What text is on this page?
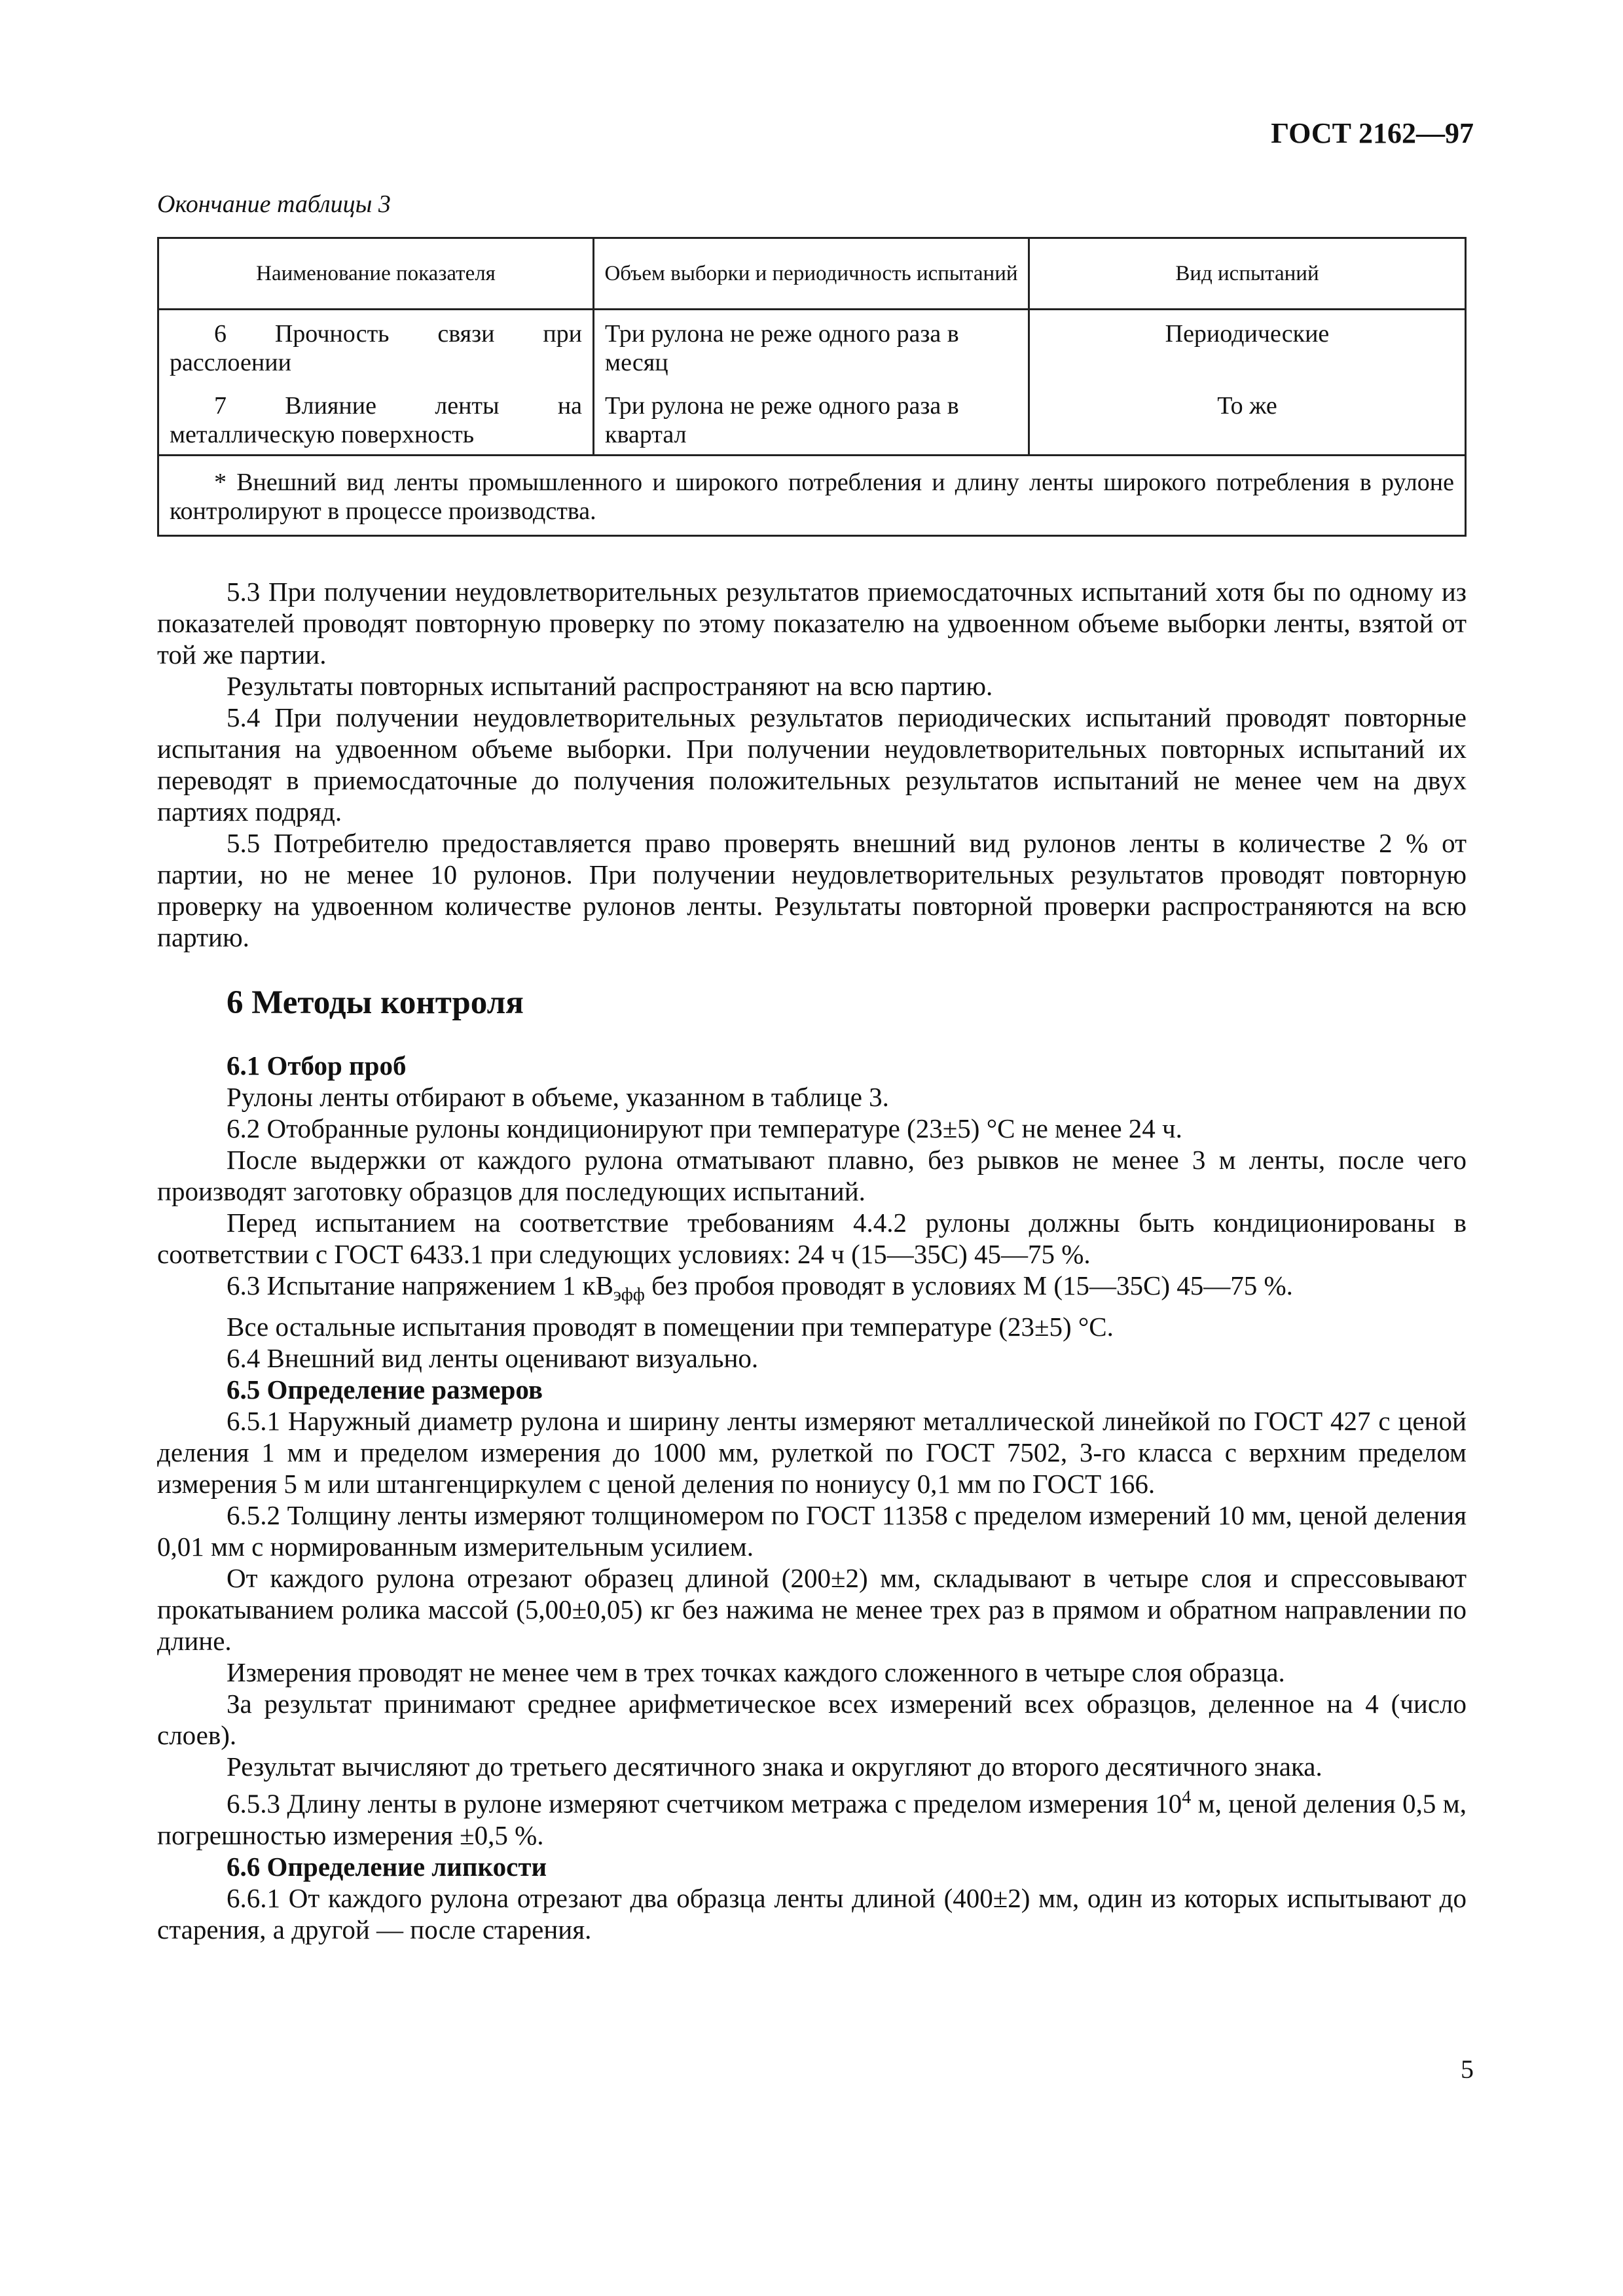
ГОСТ 2162—97
Окончание таблицы 3
Наименование показателя	Объем выборки и периодичность испытаний	Вид испытаний
6 Прочность связи при расслоении	Три рулона не реже одного раза в месяц	Периодические
7 Влияние ленты на металлическую поверхность	Три рулона не реже одного раза в квартал	То же
* Внешний вид ленты промышленного и широкого потребления и длину ленты широкого потребления в рулоне контролируют в процессе производства.		

5.3 При получении неудовлетворительных результатов приемосдаточных испытаний хотя бы по одному из показателей проводят повторную проверку по этому показателю на удвоенном объеме выборки ленты, взятой от той же партии.

Результаты повторных испытаний распространяют на всю партию.

5.4 При получении неудовлетворительных результатов периодических испытаний проводят повторные испытания на удвоенном объеме выборки. При получении неудовлетворительных повторных испытаний их переводят в приемосдаточные до получения положительных результатов испытаний не менее чем на двух партиях подряд.

5.5 Потребителю предоставляется право проверять внешний вид рулонов ленты в количестве 2 % от партии, но не менее 10 рулонов. При получении неудовлетворительных результатов проводят повторную проверку на удвоенном количестве рулонов ленты. Результаты повторной проверки распространяются на всю партию.

6 Методы контроля
6.1 Отбор проб

Рулоны ленты отбирают в объеме, указанном в таблице 3.

6.2 Отобранные рулоны кондиционируют при температуре (23±5) °С не менее 24 ч.

После выдержки от каждого рулона отматывают плавно, без рывков не менее 3 м ленты, после чего производят заготовку образцов для последующих испытаний.

Перед испытанием на соответствие требованиям 4.4.2 рулоны должны быть кондиционированы в соответствии с ГОСТ 6433.1 при следующих условиях: 24 ч (15—35С) 45—75 %.

6.3 Испытание напряжением 1 $кВ_{эфф}$ без пробоя проводят в условиях М (15—35С) 45—75 %.

Все остальные испытания проводят в помещении при температуре (23±5) °С.

6.4 Внешний вид ленты оценивают визуально.

6.5 Определение размеров

6.5.1 Наружный диаметр рулона и ширину ленты измеряют металлической линейкой по ГОСТ 427 с ценой деления 1 мм и пределом измерения до 1000 мм, рулеткой по ГОСТ 7502, 3-го класса с верхним пределом измерения 5 м или штангенциркулем с ценой деления по нониусу 0,1 мм по ГОСТ 166.

6.5.2 Толщину ленты измеряют толщиномером по ГОСТ 11358 с пределом измерений 10 мм, ценой деления 0,01 мм с нормированным измерительным усилием.

От каждого рулона отрезают образец длиной (200±2) мм, складывают в четыре слоя и спрессовывают прокатыванием ролика массой (5,00±0,05) кг без нажима не менее трех раз в прямом и обратном направлении по длине.

Измерения проводят не менее чем в трех точках каждого сложенного в четыре слоя образца.

За результат принимают среднее арифметическое всех измерений всех образцов, деленное на 4 (число слоев).

Результат вычисляют до третьего десятичного знака и округляют до второго десятичного знака.

6.5.3 Длину ленты в рулоне измеряют счетчиком метража с пределом измерения $10^4$ м, ценой деления 0,5 м, погрешностью измерения ±0,5 %.

6.6 Определение липкости

6.6.1 От каждого рулона отрезают два образца ленты длиной (400±2) мм, один из которых испытывают до старения, а другой — после старения.

5
